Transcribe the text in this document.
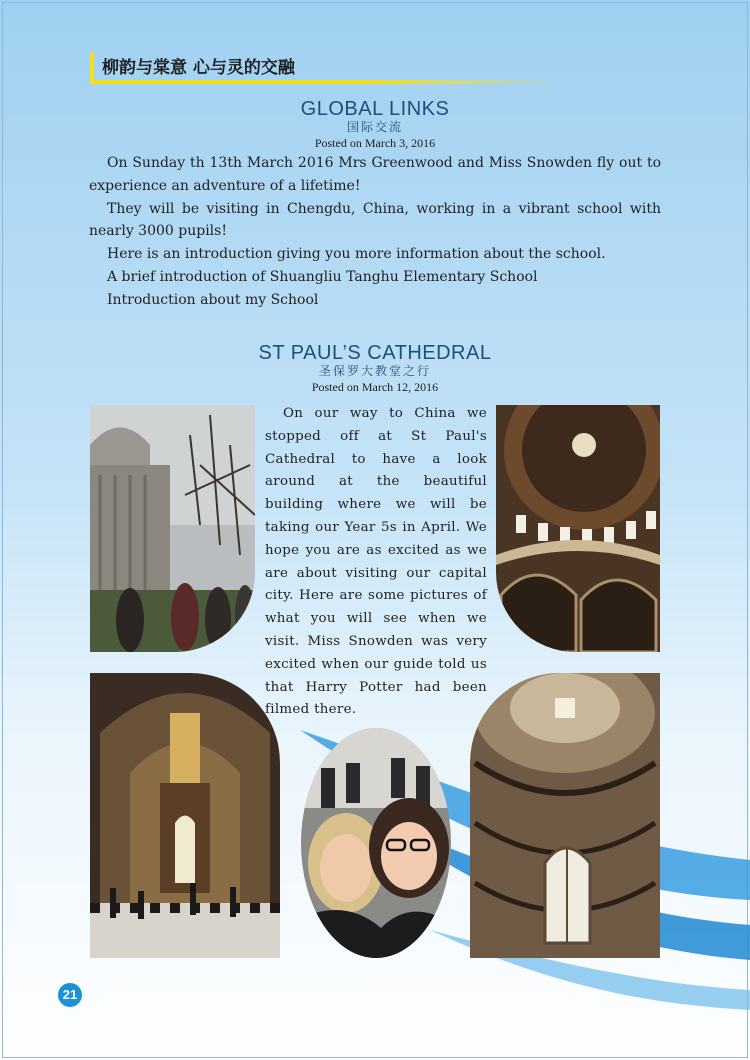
柳韵与棠意 心与灵的交融
GLOBAL LINKS
国际交流
Posted on March 3, 2016

On Sunday th 13th March 2016 Mrs Greenwood and Miss Snowden fly out to experience an adventure of a lifetime!

They will be visiting in Chengdu, China, working in a vibrant school with nearly 3000 pupils!

Here is an introduction giving you more information about the school.

A brief introduction of Shuangliu Tanghu Elementary School

Introduction about my School

ST PAUL’S CATHEDRAL
圣保罗大教堂之行
Posted on March 12, 2016
On our way to China we stopped off at St Paul's Cathedral to have a look around at the beautiful building where we will be taking our Year 5s in April. We hope you are as excited as we are about visiting our capital city. Here are some pictures of what you will see when we visit. Miss Snowden was very excited when our guide told us that Harry Potter had been filmed there.
21
